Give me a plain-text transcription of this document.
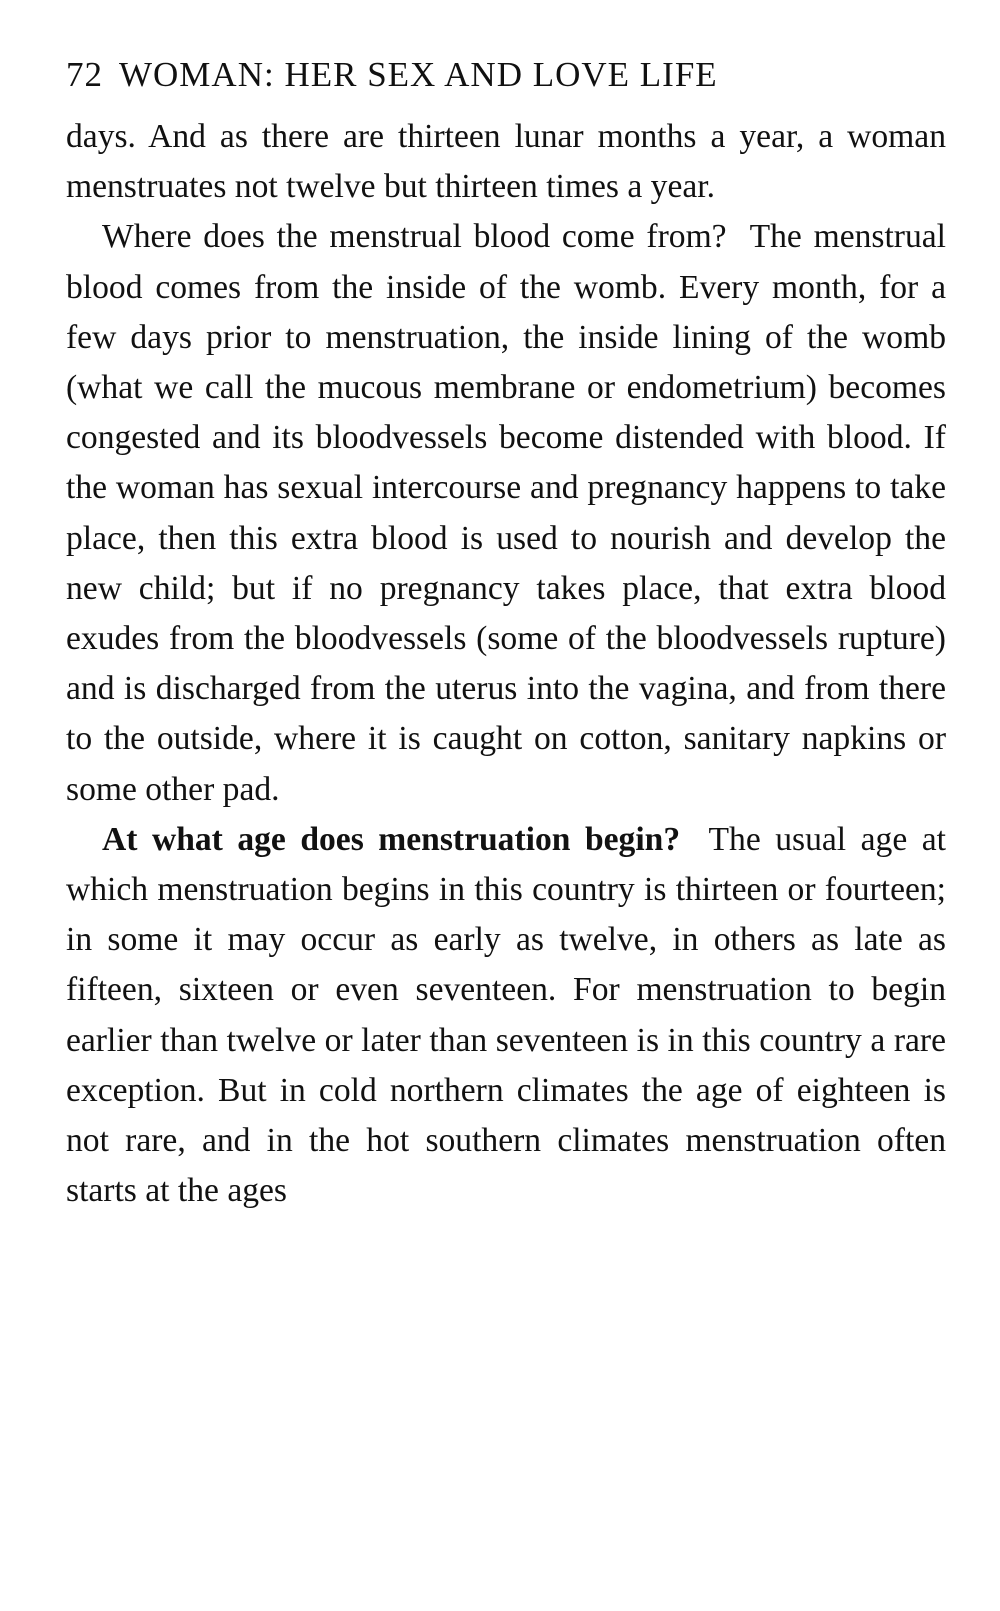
72 WOMAN: HER SEX AND LOVE LIFE

days. And as there are thirteen lunar months a year, a woman menstruates not twelve but thirteen times a year.

Where does the menstrual blood come from? The menstrual blood comes from the inside of the womb. Every month, for a few days prior to menstruation, the inside lining of the womb (what we call the mucous membrane or endometrium) becomes congested and its bloodvessels become distended with blood. If the woman has sexual intercourse and pregnancy happens to take place, then this extra blood is used to nourish and develop the new child; but if no pregnancy takes place, that extra blood exudes from the bloodvessels (some of the bloodvessels rupture) and is discharged from the uterus into the vagina, and from there to the outside, where it is caught on cotton, sanitary napkins or some other pad.

At what age does menstruation begin? The usual age at which menstruation begins in this country is thirteen or fourteen; in some it may occur as early as twelve, in others as late as fifteen, sixteen or even seventeen. For menstruation to begin earlier than twelve or later than seventeen is in this country a rare exception. But in cold northern climates the age of eighteen is not rare, and in the hot southern climates menstruation often starts at the ages
